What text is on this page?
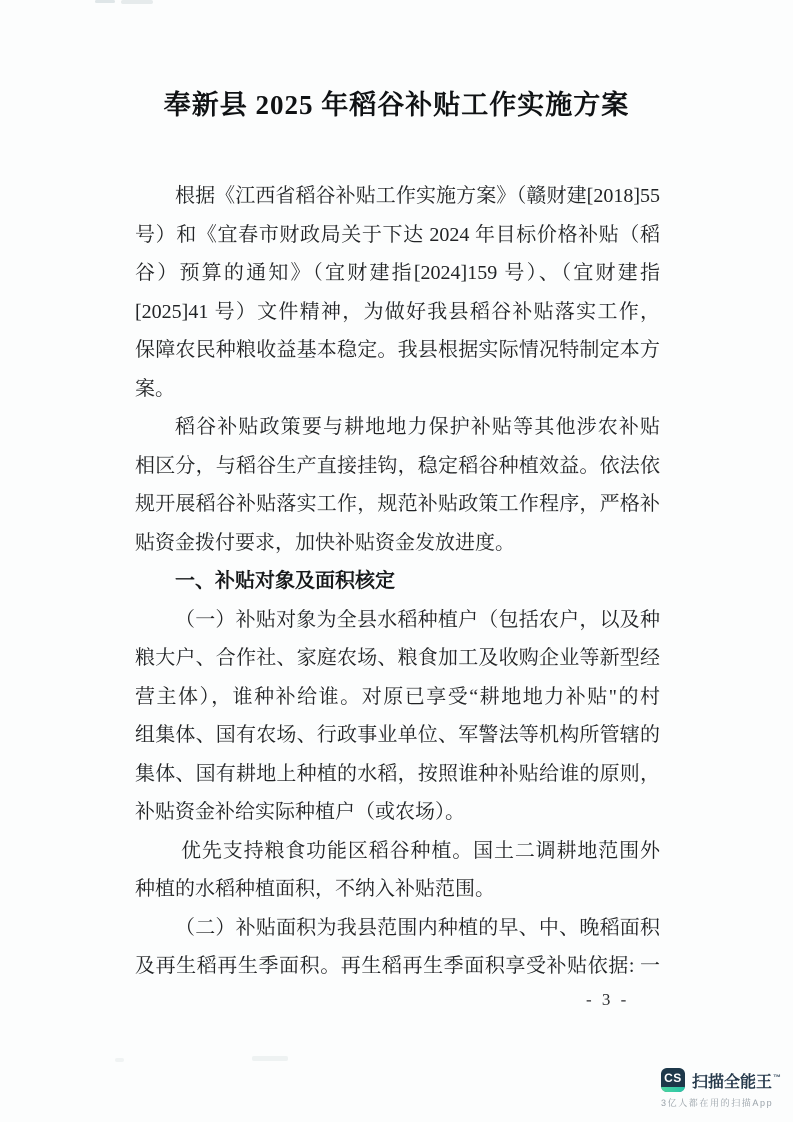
奉新县 2025 年稻谷补贴工作实施方案
根据《江西省稻谷补贴工作实施方案》（赣财建[2018]55
号）和《宜春市财政局关于下达 2024 年目标价格补贴（稻
谷）预算的通知》（宜财建指[2024]159 号）、（宜财建指
[2025]41 号）文件精神，为做好我县稻谷补贴落实工作，
保障农民种粮收益基本稳定。我县根据实际情况特制定本方
案。
稻谷补贴政策要与耕地地力保护补贴等其他涉农补贴
相区分，与稻谷生产直接挂钩，稳定稻谷种植效益。依法依
规开展稻谷补贴落实工作，规范补贴政策工作程序，严格补
贴资金拨付要求，加快补贴资金发放进度。
一、补贴对象及面积核定
（一）补贴对象为全县水稻种植户（包括农户，以及种
粮大户、合作社、家庭农场、粮食加工及收购企业等新型经
营主体），谁种补给谁。对原已享受“耕地地力补贴"的村
组集体、国有农场、行政事业单位、军警法等机构所管辖的
集体、国有耕地上种植的水稻，按照谁种补贴给谁的原则，
补贴资金补给实际种植户（或农场）。
优先支持粮食功能区稻谷种植。国土二调耕地范围外
种植的水稻种植面积，不纳入补贴范围。
（二）补贴面积为我县范围内种植的早、中、晚稻面积
及再生稻再生季面积。再生稻再生季面积享受补贴依据: 一
- 3 -
CS 扫描全能王™
3亿人都在用的扫描App
